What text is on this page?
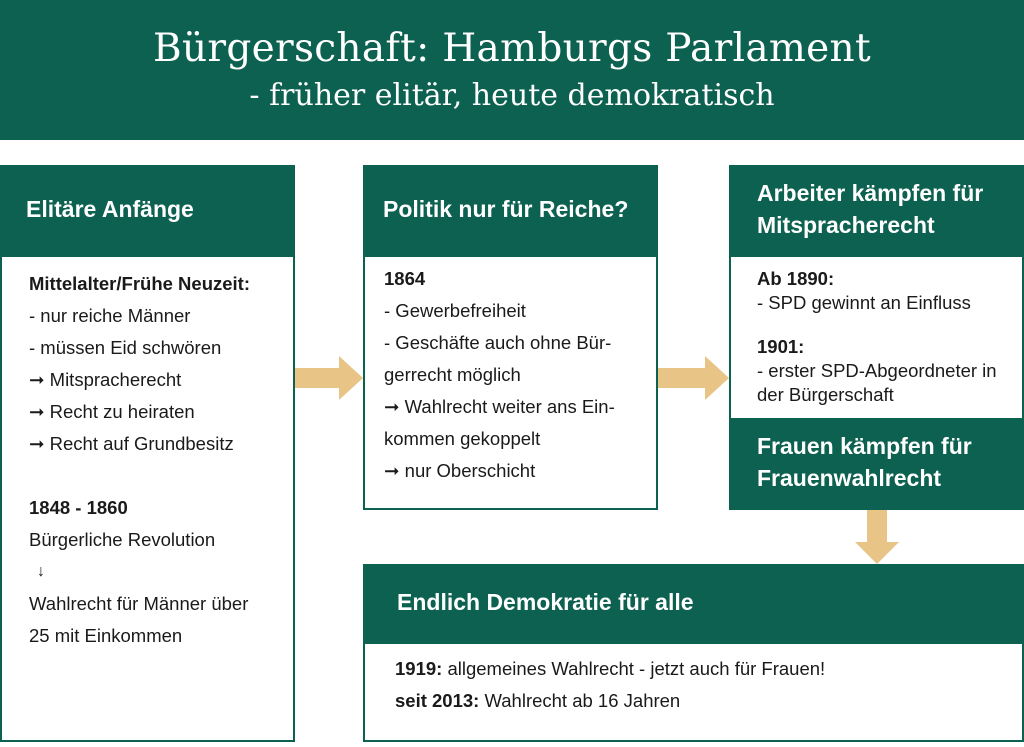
Bürgerschaft: Hamburgs Parlament
- früher elitär, heute demokratisch
Elitäre Anfänge
Mittelalter/Frühe Neuzeit:
- nur reiche Männer
- müssen Eid schwören
➞ Mitspracherecht
➞ Recht zu heiraten
➞ Recht auf Grundbesitz
1848 - 1860
Bürgerliche Revolution
↓
Wahlrecht für Männer über
25 mit Einkommen
Politik nur für Reiche?
1864
- Gewerbefreiheit
- Geschäfte auch ohne Bür-
gerrecht möglich
➞ Wahlrecht weiter ans Ein-
kommen gekoppelt
➞ nur Oberschicht
Arbeiter kämpfen für
Mitspracherecht
Ab 1890:
- SPD gewinnt an Einfluss
1901:
- erster SPD-Abgeordneter in
der Bürgerschaft
Frauen kämpfen für
Frauenwahlrecht
Endlich Demokratie für alle
1919: allgemeines Wahlrecht - jetzt auch für Frauen!
seit 2013: Wahlrecht ab 16 Jahren
